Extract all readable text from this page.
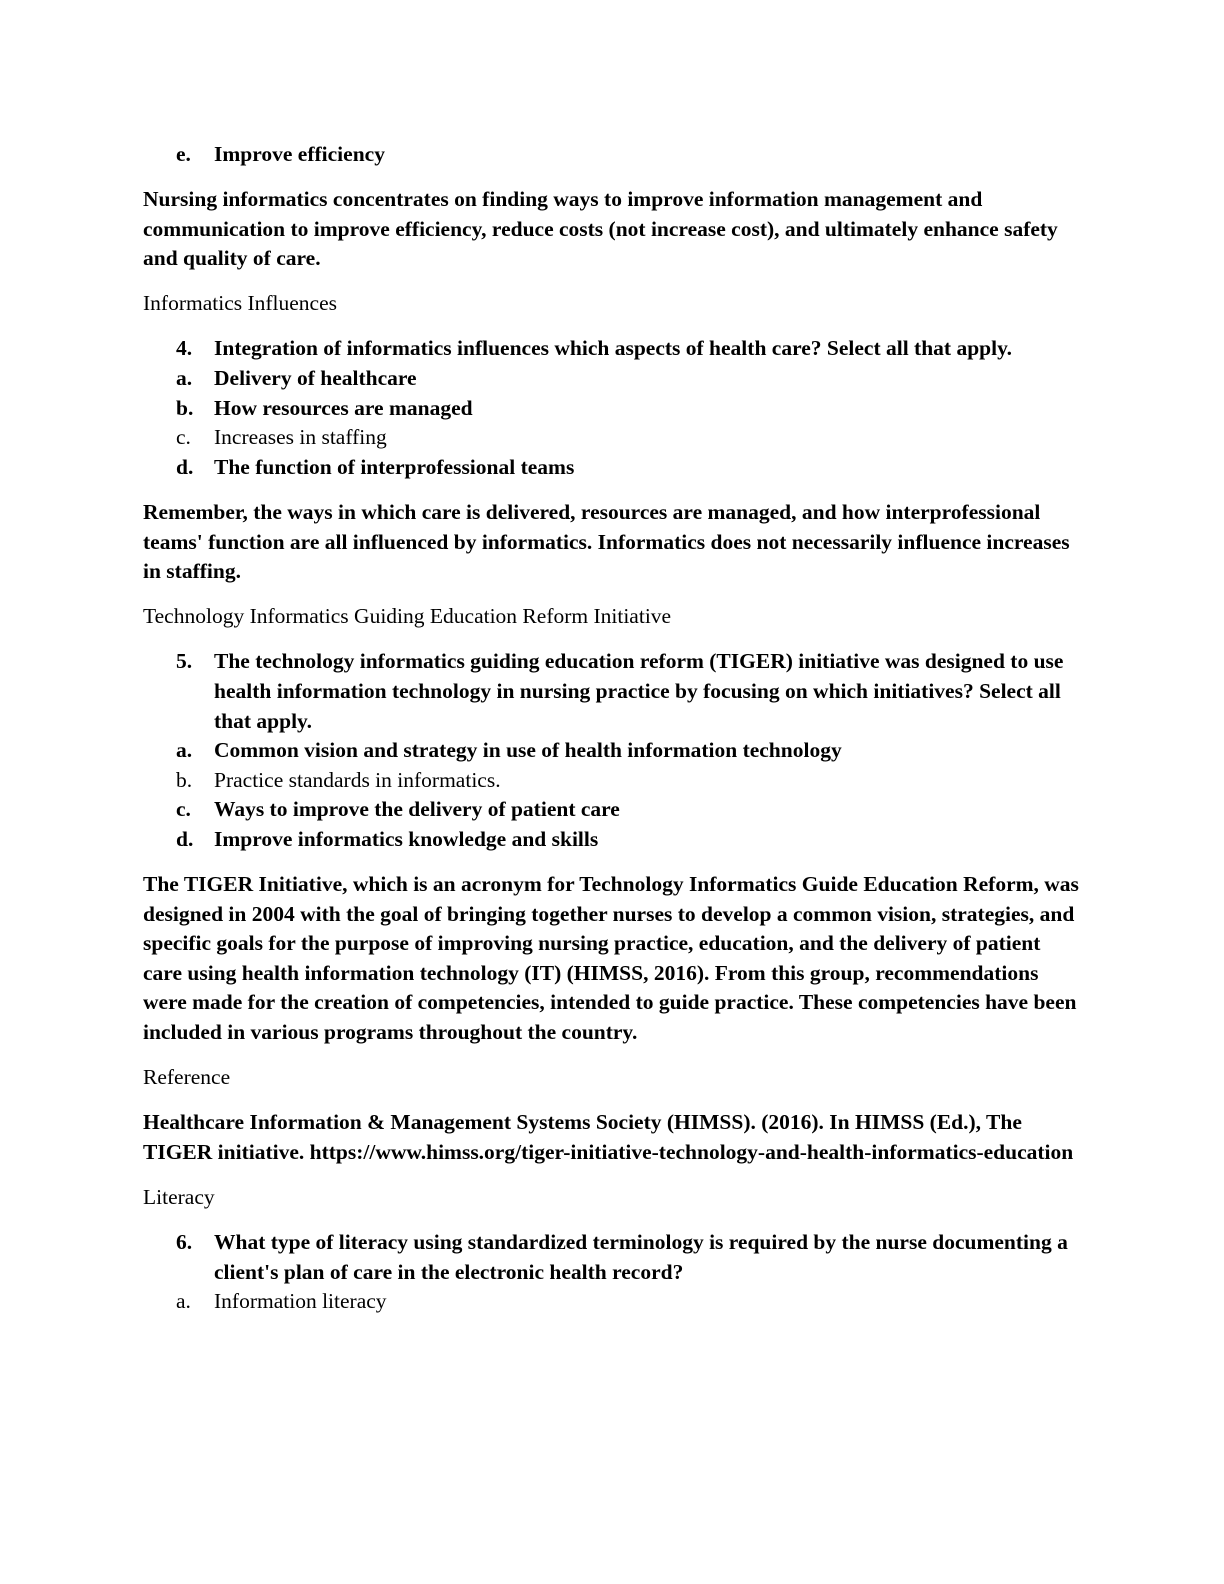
e.	Improve efficiency

Nursing informatics concentrates on finding ways to improve information management and communication to improve efficiency, reduce costs (not increase cost), and ultimately enhance safety and quality of care.

Informatics Influences

4.	Integration of informatics influences which aspects of health care? Select all that apply.
a.	Delivery of healthcare
b. How resources are managed
c.	Increases in staffing
d. The function of interprofessional teams

Remember, the ways in which care is delivered, resources are managed, and how interprofessional teams' function are all influenced by informatics. Informatics does not necessarily influence increases in staffing.

Technology Informatics Guiding Education Reform Initiative

5.	The technology informatics guiding education reform (TIGER) initiative was designed to use health information technology in nursing practice by focusing on which initiatives? Select all that apply.
a.	Common vision and strategy in use of health information technology
b.	Practice standards in informatics.
c.	Ways to improve the delivery of patient care
d. Improve informatics knowledge and skills

The TIGER Initiative, which is an acronym for Technology Informatics Guide Education Reform, was designed in 2004 with the goal of bringing together nurses to develop a common vision, strategies, and specific goals for the purpose of improving nursing practice, education, and the delivery of patient care using health information technology (IT) (HIMSS, 2016). From this group, recommendations were made for the creation of competencies, intended to guide practice. These competencies have been included in various programs throughout the country.

Reference

Healthcare Information & Management Systems Society (HIMSS). (2016). In HIMSS (Ed.), The TIGER initiative. https://www.himss.org/tiger-initiative-technology-and-health-informatics-education

Literacy

6.	What type of literacy using standardized terminology is required by the nurse documenting a client's plan of care in the electronic health record?
a.	Information literacy
